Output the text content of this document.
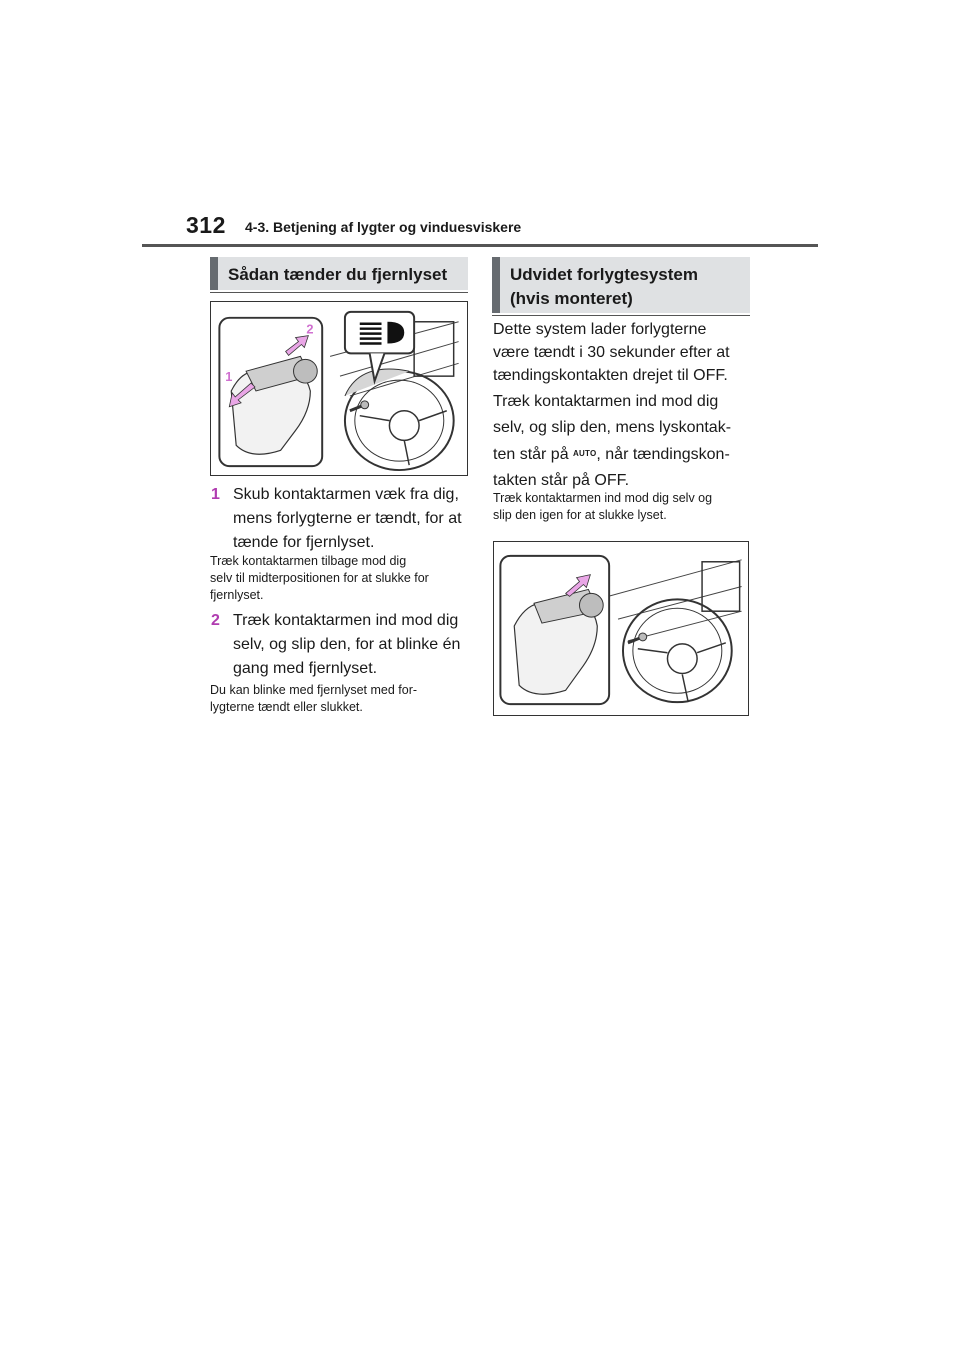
312 4-3. Betjening af lygter og vinduesviskere
Sådan tænder du fjernlyset
2
1
1 Skub kontaktarmen væk fra dig,
mens forlygterne er tændt, for at
tænde for fjernlyset.
Træk kontaktarmen tilbage mod dig
selv til midterpositionen for at slukke for
fjernlyset.
2 Træk kontaktarmen ind mod dig
selv, og slip den, for at blinke én
gang med fjernlyset.
Du kan blinke med fjernlyset med for-
lygterne tændt eller slukket.
Udvidet forlygtesystem
(hvis monteret)
Dette system lader forlygterne
være tændt i 30 sekunder efter at
tændingskontakten drejet til OFF.
Træk kontaktarmen ind mod dig
selv, og slip den, mens lyskontak-
ten står på AUTO, når tændingskon-
takten står på OFF.
Træk kontaktarmen ind mod dig selv og
slip den igen for at slukke lyset.
